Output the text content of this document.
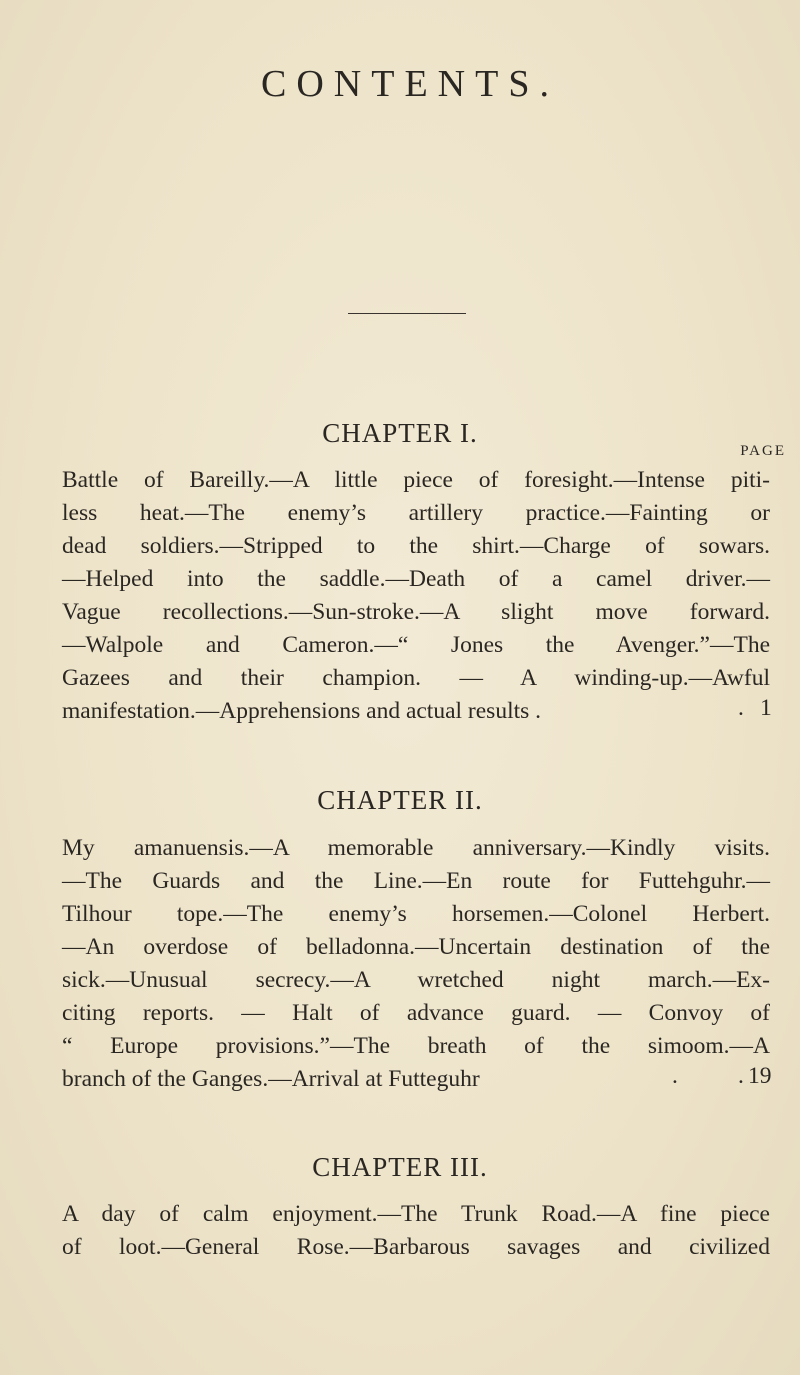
CONTENTS.
CHAPTER I.
PAGE
Battle of Bareilly.—A little piece of foresight.—Intense piti-
less heat.—The enemy’s artillery practice.—Fainting or
dead soldiers.—Stripped to the shirt.—Charge of sowars.
—Helped into the saddle.—Death of a camel driver.—
Vague recollections.—Sun-stroke.—A slight move forward.
—Walpole and Cameron.—“ Jones the Avenger.”—The
Gazees and their champion. — A winding-up.—Awful
manifestation.—Apprehensions and actual results .	1
.
CHAPTER II.
My amanuensis.—A memorable anniversary.—Kindly visits.
—The Guards and the Line.—En route for Futtehguhr.—
Tilhour tope.—The enemy’s horsemen.—Colonel Herbert.
—An overdose of belladonna.—Uncertain destination of the
sick.—Unusual secrecy.—A wretched night march.—Ex-
citing reports. — Halt of advance guard. — Convoy of
“ Europe provisions.”—The breath of the simoom.—A
branch of the Ganges.—Arrival at Futteguhr	.	. 19
CHAPTER III.
A day of calm enjoyment.—The Trunk Road.—A fine piece
of loot.—General Rose.—Barbarous savages and civilized
